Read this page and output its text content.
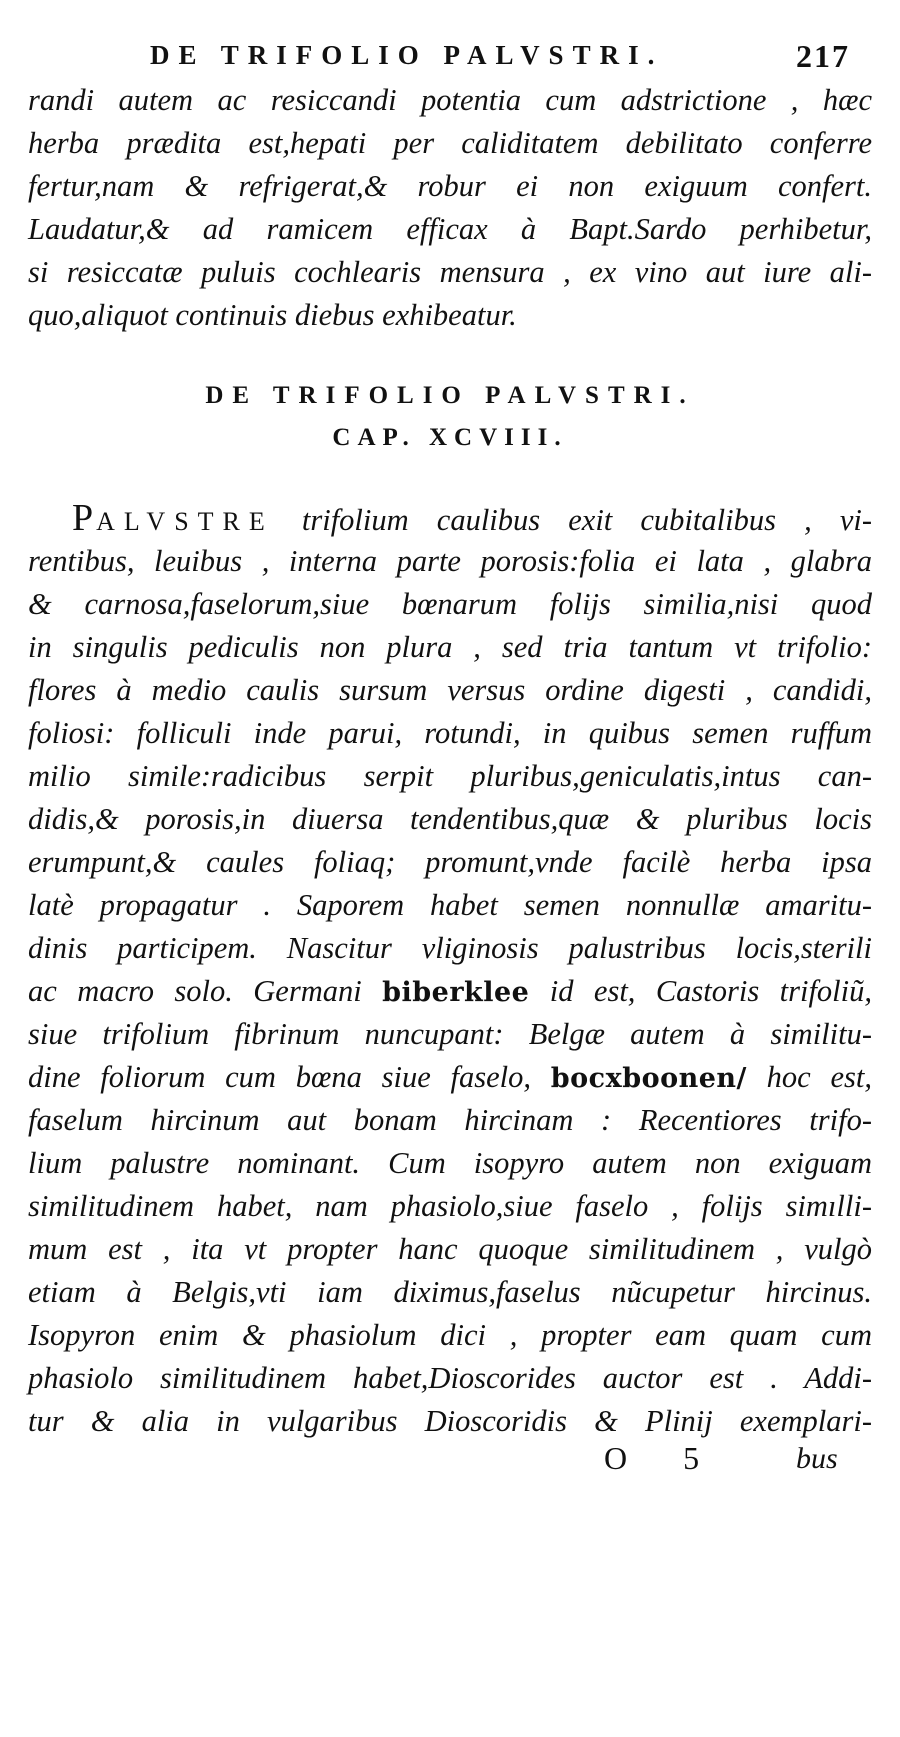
DE TRIFOLIO PALVSTRI.	217
randi autem ac resiccandi potentia cum adstrictione , hæc
herba prædita est,hepati per caliditatem debilitato conferre
fertur,nam & refrigerat,& robur ei non exiguum confert.
Laudatur,& ad ramicem efficax à Bapt.Sardo perhibetur,
si resiccatæ puluis cochlearis mensura , ex vino aut iure ali-
quo,aliquot continuis diebus exhibeatur.
DE TRIFOLIO PALVSTRI.
CAP. XCVIII.
PALVSTRE trifolium caulibus exit cubitalibus , vi-
rentibus, leuibus , interna parte porosis:folia ei lata , glabra
& carnosa,faselorum,siue bœnarum folijs similia,nisi quod
in singulis pediculis non plura , sed tria tantum vt trifolio:
flores à medio caulis sursum versus ordine digesti , candidi,
foliosi: folliculi inde parui, rotundi, in quibus semen ruffum
milio simile:radicibus serpit pluribus,geniculatis,intus can-
didis,& porosis,in diuersa tendentibus,quæ & pluribus locis
erumpunt,& caules foliaq; promunt,vnde facilè herba ipsa
latè propagatur . Saporem habet semen nonnullæ amaritu-
dinis participem. Nascitur vliginosis palustribus locis,sterili
ac macro solo. Germani biberklee id est, Castoris trifoliũ,
siue trifolium fibrinum nuncupant: Belgæ autem à similitu-
dine foliorum cum bœna siue faselo, bocxboonen/ hoc est,
faselum hircinum aut bonam hircinam : Recentiores trifo-
lium palustre nominant. Cum isopyro autem non exiguam
similitudinem habet, nam phasiolo,siue faselo , folijs simılli-
mum est , ita vt propter hanc quoque similitudinem , vulgò
etiam à Belgis,vti iam diximus,faselus nũcupetur hircinus.
Isopyron enim & phasiolum dici , propter eam quam cum
phasiolo similitudinem habet,Dioscorides auctor est . Addi-
tur & alia in vulgaribus Dioscoridis & Plinij exemplari-
O 5 bus
